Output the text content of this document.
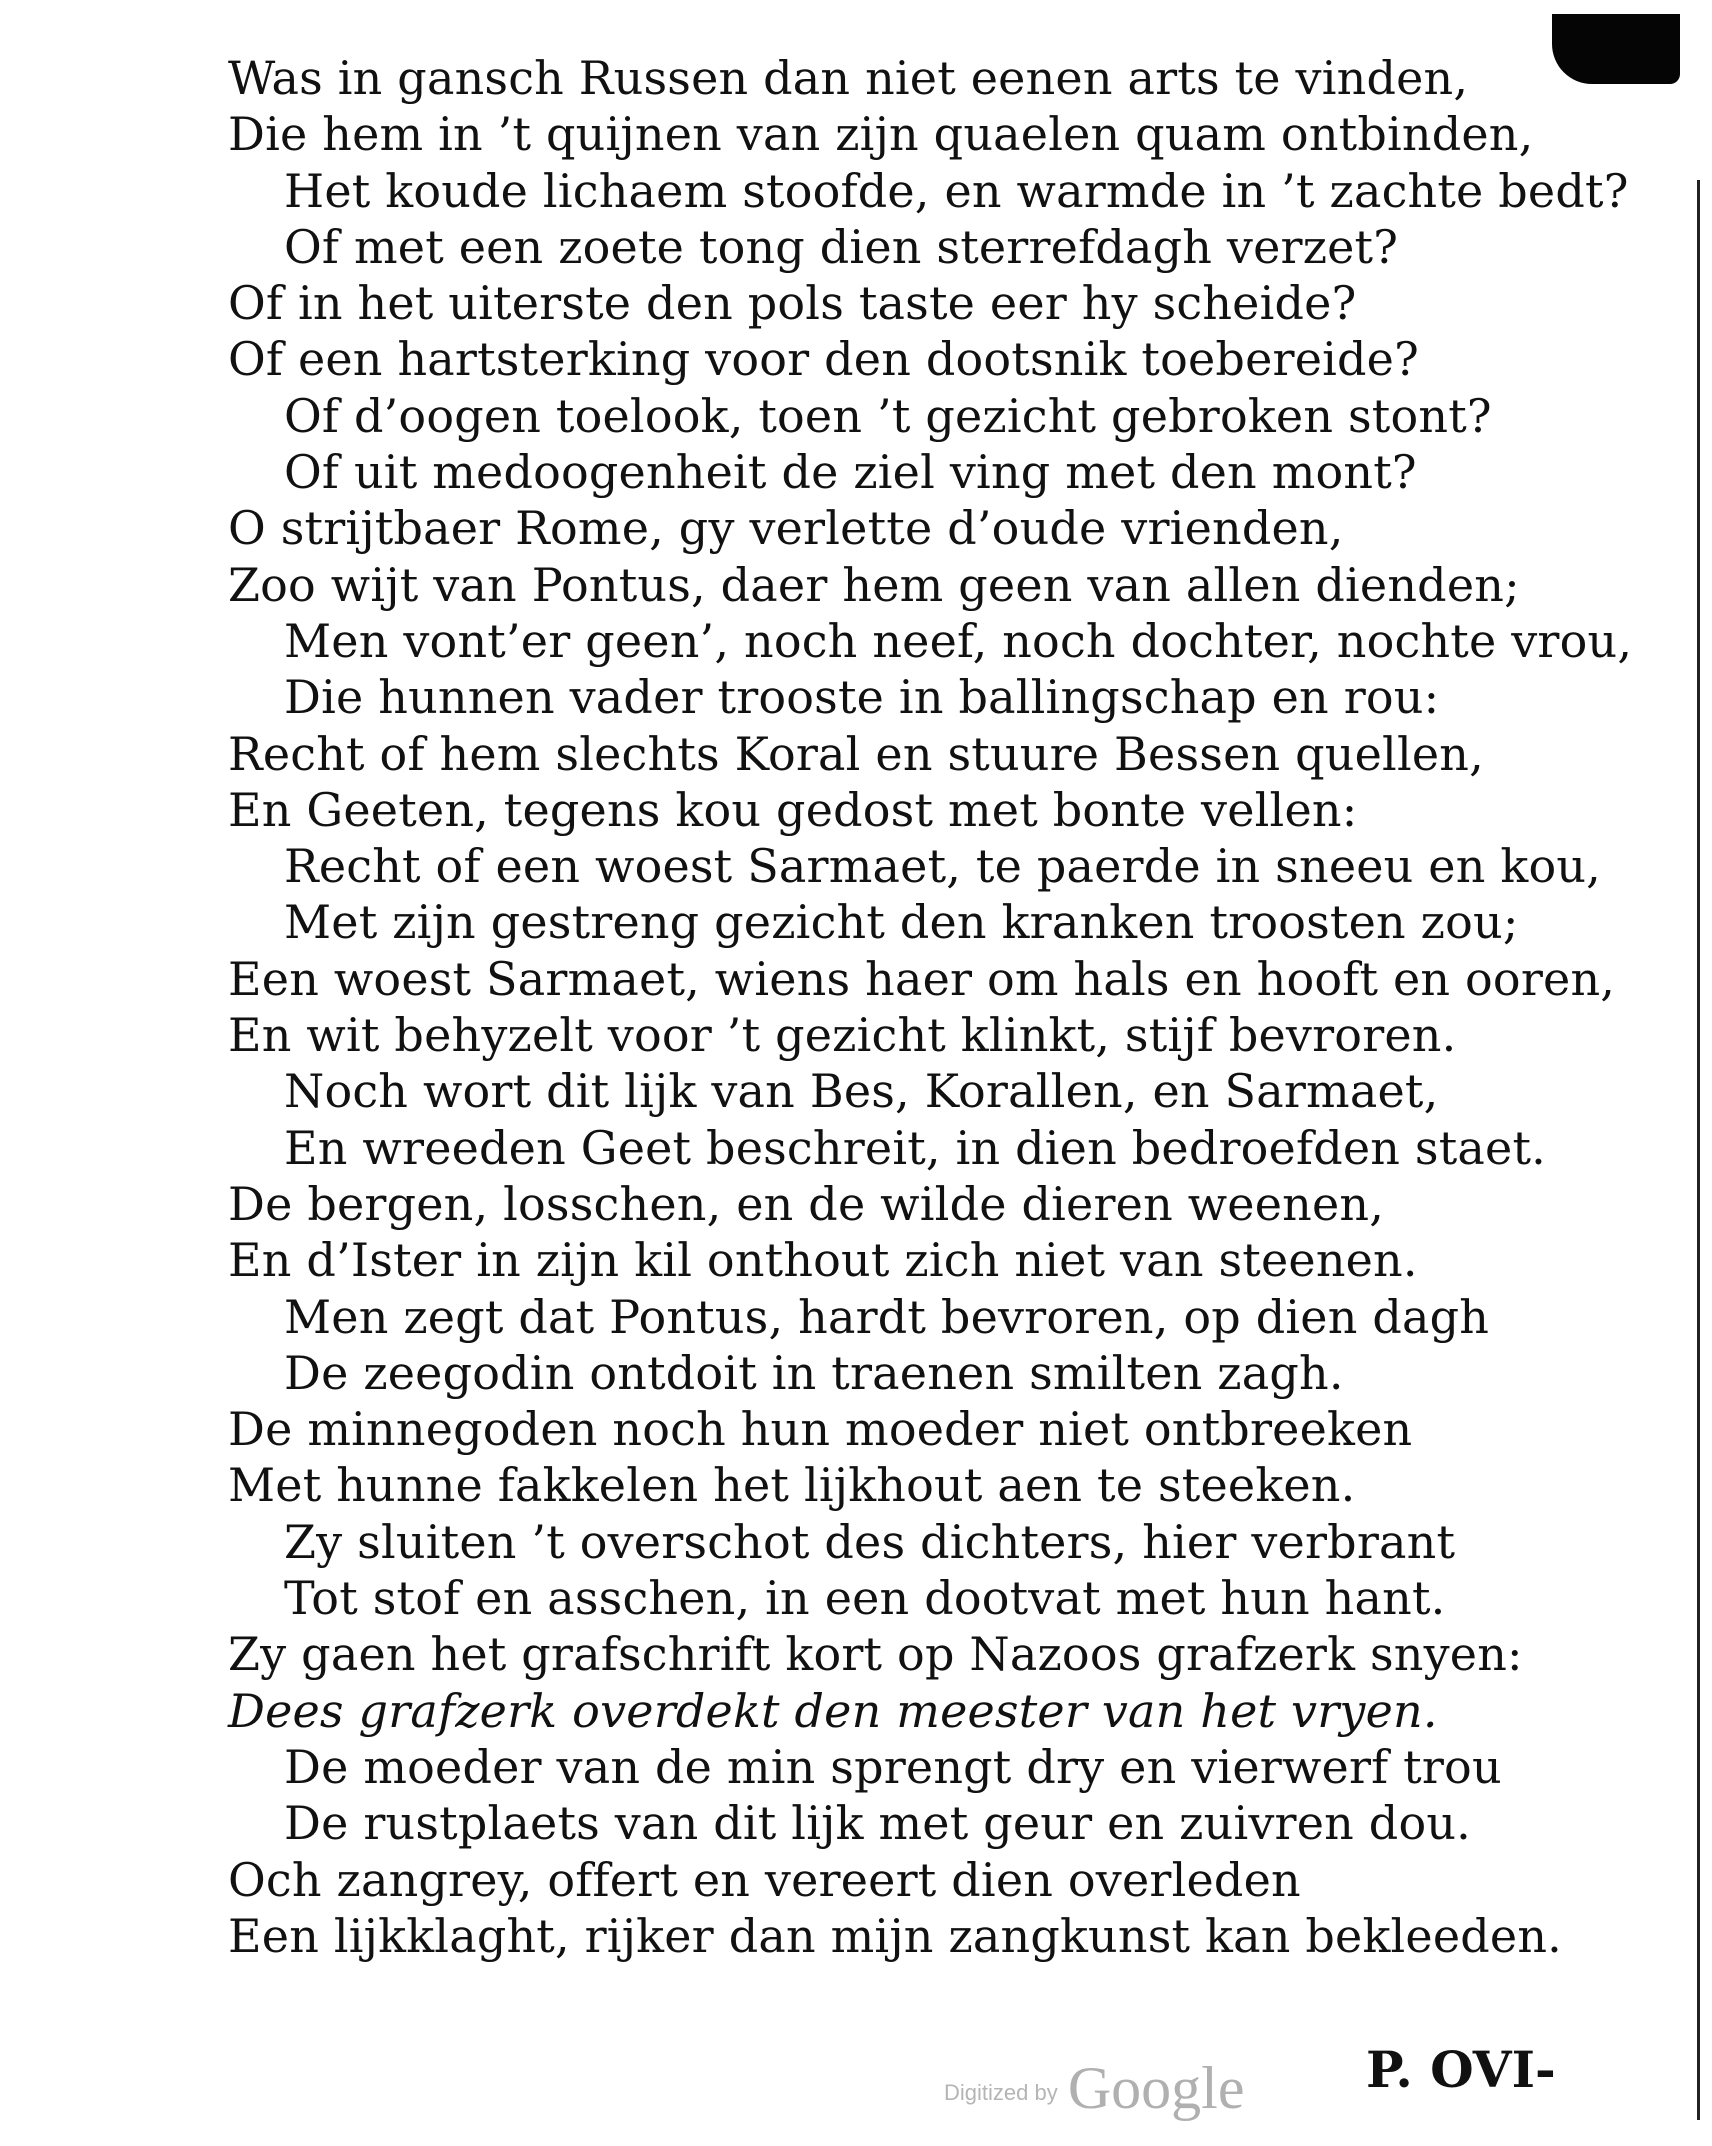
Was in gansch Russen dan niet eenen arts te vinden,
Die hem in ’t quijnen van zijn quaelen quam ontbinden,
Het koude lichaem stoofde, en warmde in ’t zachte bedt?
Of met een zoete tong dien sterrefdagh verzet?
Of in het uiterste den pols taste eer hy scheide?
Of een hartsterking voor den dootsnik toebereide?
Of d’oogen toelook, toen ’t gezicht gebroken stont?
Of uit medoogenheit de ziel ving met den mont?
O strijtbaer Rome, gy verlette d’oude vrienden,
Zoo wijt van Pontus, daer hem geen van allen dienden;
Men vont’er geen’, noch neef, noch dochter, nochte vrou,
Die hunnen vader trooste in ballingschap en rou:
Recht of hem slechts Koral en stuure Bessen quellen,
En Geeten, tegens kou gedost met bonte vellen:
Recht of een woest Sarmaet, te paerde in sneeu en kou,
Met zijn gestreng gezicht den kranken troosten zou;
Een woest Sarmaet, wiens haer om hals en hooft en ooren,
En wit behyzelt voor ’t gezicht klinkt, stijf bevroren.
Noch wort dit lijk van Bes, Korallen, en Sarmaet,
En wreeden Geet beschreit, in dien bedroefden staet.
De bergen, losschen, en de wilde dieren weenen,
En d’Ister in zijn kil onthout zich niet van steenen.
Men zegt dat Pontus, hardt bevroren, op dien dagh
De zeegodin ontdoit in traenen smilten zagh.
De minnegoden noch hun moeder niet ontbreeken
Met hunne fakkelen het lijkhout aen te steeken.
Zy sluiten ’t overschot des dichters, hier verbrant
Tot stof en asschen, in een dootvat met hun hant.
Zy gaen het grafschrift kort op Nazoos grafzerk snyen:
Dees grafzerk overdekt den meester van het vryen.
De moeder van de min sprengt dry en vierwerf trou
De rustplaets van dit lijk met geur en zuivren dou.
Och zangrey, offert en vereert dien overleden
Een lijkklaght, rijker dan mijn zangkunst kan bekleeden.
Digitized by Google P. OVI-
